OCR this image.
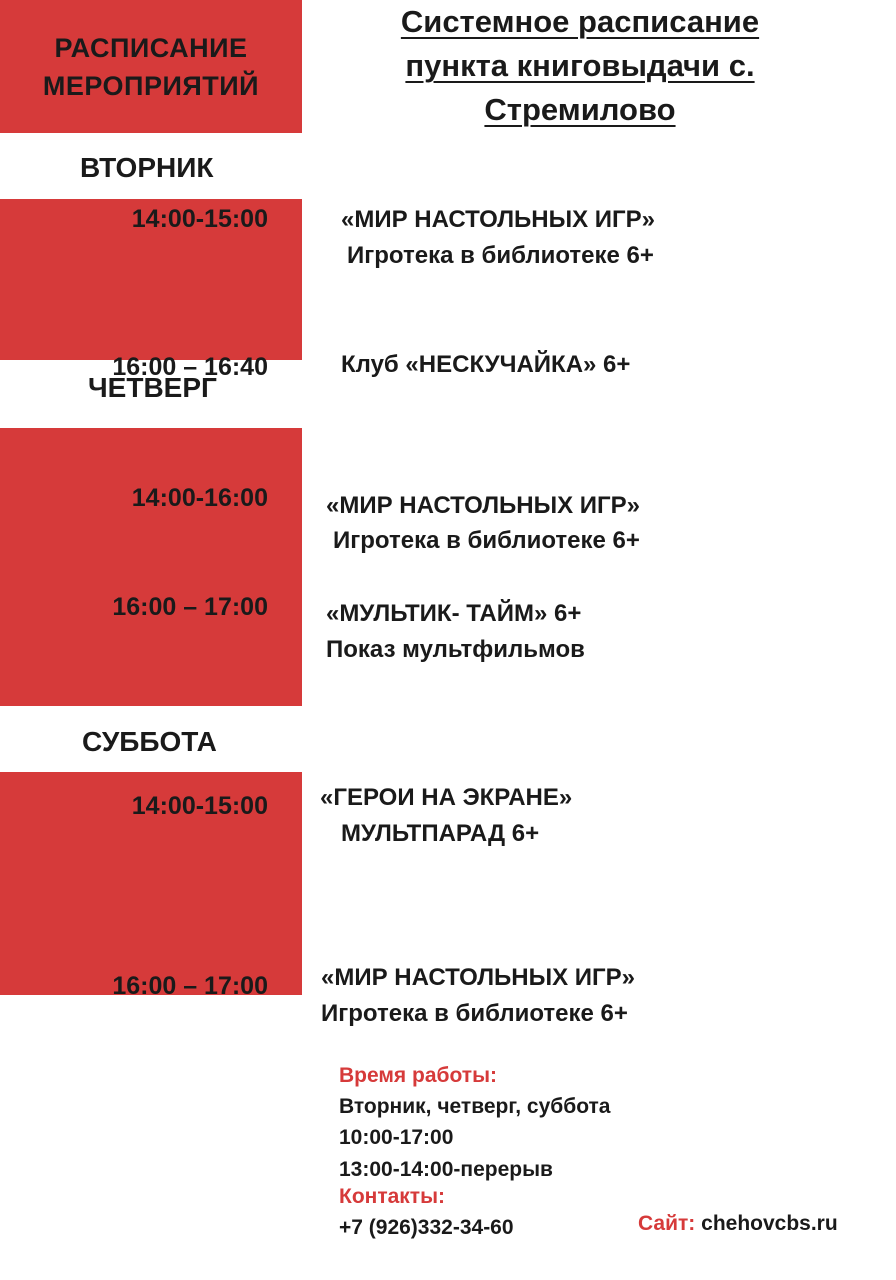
РАСПИСАНИЕ
МЕРОПРИЯТИЙ
Системное расписание
пункта книговыдачи с.
Стремилово
ВТОРНИК
14:00-15:00
16:00 – 16:40
«МИР НАСТОЛЬНЫХ ИГР»
Игротека в библиотеке 6+
Клуб «НЕСКУЧАЙКА» 6+
ЧЕТВЕРГ
14:00-16:00
16:00 – 17:00
«МИР НАСТОЛЬНЫХ ИГР»
Игротека в библиотеке 6+
«МУЛЬТИК- ТАЙМ» 6+
Показ мультфильмов
СУББОТА
14:00-15:00
16:00 – 17:00
«ГЕРОИ НА ЭКРАНЕ»
МУЛЬТПАРАД 6+
«МИР НАСТОЛЬНЫХ ИГР»
Игротека в библиотеке 6+
Время работы:
Вторник, четверг, суббота
10:00-17:00
13:00-14:00-перерыв
Контакты:
+7 (926)332-34-60	Сайт: chehovcbs.ru
